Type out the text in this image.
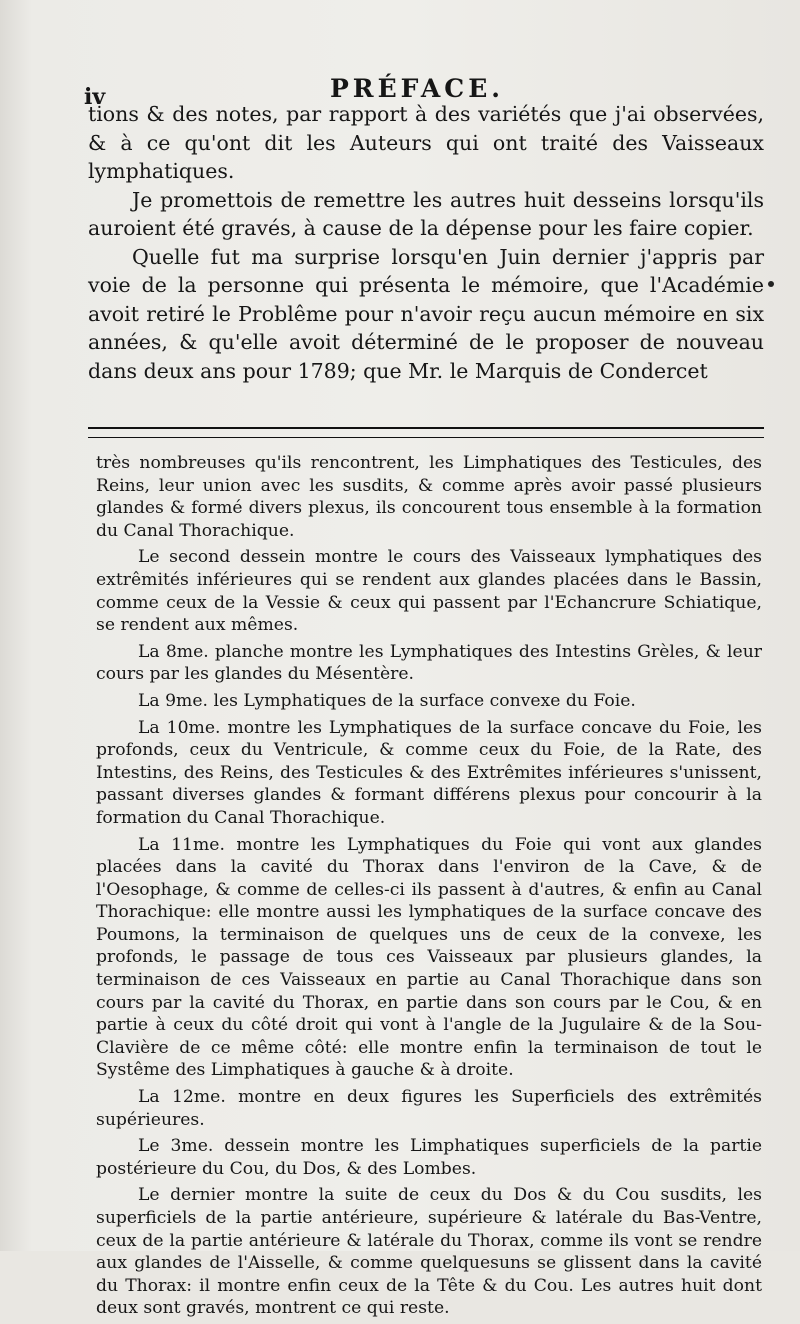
iv	PRÉFACE.

tions & des notes, par rapport à des variétés que j'ai observées, & à ce qu'ont dit les Auteurs qui ont traité des Vaisseaux lymphatiques.

Je promettois de remettre les autres huit desseins lorsqu'ils auroient été gravés, à cause de la dépense pour les faire copier.

Quelle fut ma surprise lorsqu'en Juin dernier j'appris par voie de la personne qui présenta le mémoire, que l'Académie avoit retiré le Problême pour n'avoir reçu aucun mémoire en six années, & qu'elle avoit déterminé de le proposer de nouveau dans deux ans pour 1789; que Mr. le Marquis de Condercet

très nombreuses qu'ils rencontrent, les Limphatiques des Testicules, des Reins, leur union avec les susdits, & comme après avoir passé plusieurs glandes & formé divers plexus, ils concourent tous ensemble à la formation du Canal Thorachique.

Le second dessein montre le cours des Vaisseaux lymphatiques des extrêmités inférieures qui se rendent aux glandes placées dans le Bassin, comme ceux de la Vessie & ceux qui passent par l'Echancrure Schiatique, se rendent aux mêmes.

La 8me. planche montre les Lymphatiques des Intestins Grèles, & leur cours par les glandes du Mésentère.

La 9me. les Lymphatiques de la surface convexe du Foie.

La 10me. montre les Lymphatiques de la surface concave du Foie, les profonds, ceux du Ventricule, & comme ceux du Foie, de la Rate, des Intestins, des Reins, des Testicules & des Extrêmites inférieures s'unissent, passant diverses glandes & formant différens plexus pour concourir à la formation du Canal Thorachique.

La 11me. montre les Lymphatiques du Foie qui vont aux glandes placées dans la cavité du Thorax dans l'environ de la Cave, & de l'Oesophage, & comme de celles-ci ils passent à d'autres, & enfin au Canal Thorachique: elle montre aussi les lymphatiques de la surface concave des Poumons, la terminaison de quelques uns de ceux de la convexe, les profonds, le passage de tous ces Vaisseaux par plusieurs glandes, la terminaison de ces Vaisseaux en partie au Canal Thorachique dans son cours par la cavité du Thorax, en partie dans son cours par le Cou, & en partie à ceux du côté droit qui vont à l'angle de la Jugulaire & de la Sou-Clavière de ce même côté: elle montre enfin la terminaison de tout le Systême des Limphatiques à gauche & à droite.

La 12me. montre en deux figures les Superficiels des extrêmités supérieures.

Le 3me. dessein montre les Limphatiques superficiels de la partie postérieure du Cou, du Dos, & des Lombes.

Le dernier montre la suite de ceux du Dos & du Cou susdits, les superficiels de la partie antérieure, supérieure & latérale du Bas-Ventre, ceux de la partie antérieure & latérale du Thorax, comme ils vont se rendre aux glandes de l'Aisselle, & comme quelquesuns se glissent dans la cavité du Thorax: il montre enfin ceux de la Tête & du Cou. Les autres huit dont deux sont gravés, montrent ce qui reste.
